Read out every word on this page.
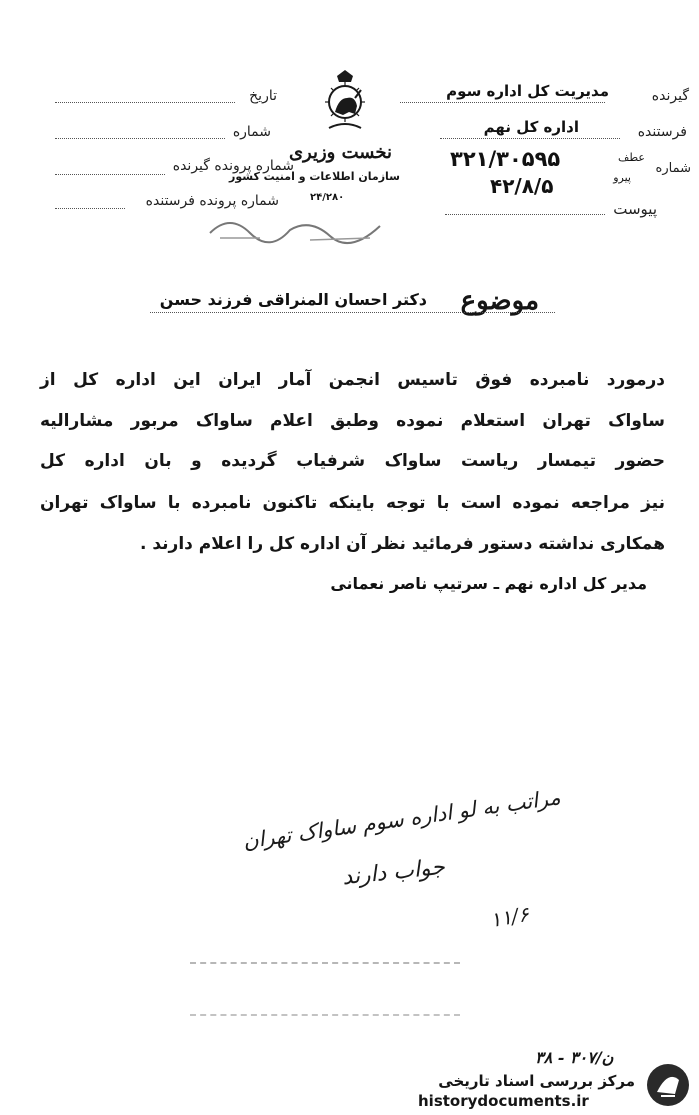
تاریخ
شماره
شماره پرونده گیرنده
شماره پرونده فرستنده
نخست وزیری
سازمان اطلاعات و امنیت کشور
۲۴/۲۸۰
گیرنده
مدیریت کل اداره سوم
فرستنده
اداره کل نهم
شماره
عطف
۳۲۱/۳۰۵۹۵
پیرو
۴۲/۸/۵
پیوست
موضوع
دکتر احسان المنراقی فرزند حسن
درمورد نامبرده فوق تاسیس انجمن آمار ایران این اداره کل از
ساواک تهران استعلام نموده وطبق اعلام ساواک مربور مشارالیه
حضور تیمسار ریاست ساواک شرفیاب گردیده و بان اداره کل
نیز مراجعه نموده است با توجه باینکه تاکنون نامبرده با ساواک تهران
همکاری نداشته دستور فرمائید نظر آن اداره کل را اعلام دارند .
مدیر کل اداره نهم ـ سرتیپ ناصر نعمانی
مراتب به لو اداره سوم ساواک تهران
جواب دارند
۱۱/۶
۳۸ - ۳۰۷/ن
مرکز بررسی اسناد تاریخی
historydocuments.ir
